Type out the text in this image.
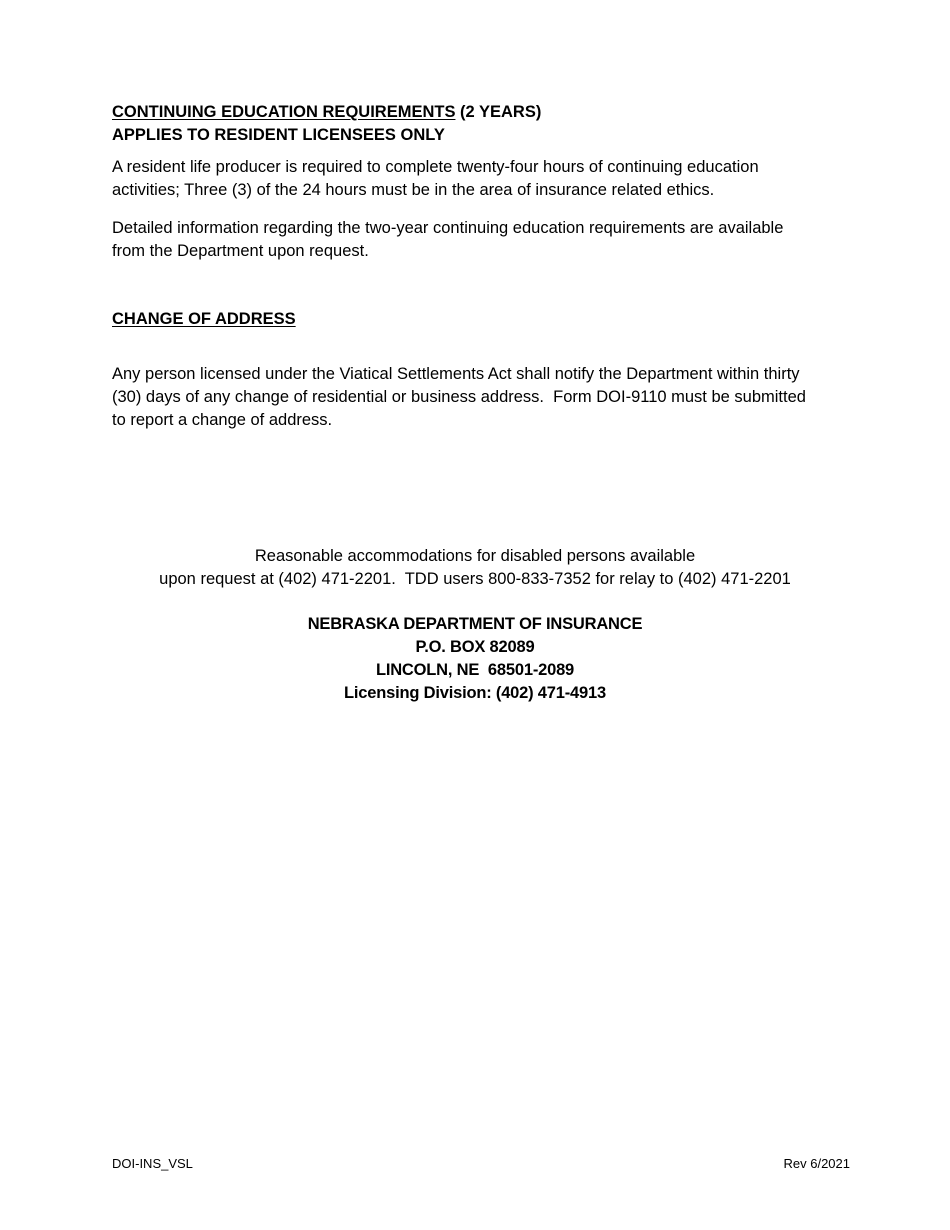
CONTINUING EDUCATION REQUIREMENTS (2 YEARS)
APPLIES TO RESIDENT LICENSEES ONLY

A resident life producer is required to complete twenty-four hours of continuing education
activities; Three (3) of the 24 hours must be in the area of insurance related ethics.

Detailed information regarding the two-year continuing education requirements are available
from the Department upon request.

CHANGE OF ADDRESS

Any person licensed under the Viatical Settlements Act shall notify the Department within thirty
(30) days of any change of residential or business address.  Form DOI-9110 must be submitted
to report a change of address.

Reasonable accommodations for disabled persons available
upon request at (402) 471-2201.  TDD users 800-833-7352 for relay to (402) 471-2201
NEBRASKA DEPARTMENT OF INSURANCE
P.O. BOX 82089
LINCOLN, NE  68501-2089
Licensing Division: (402) 471-4913
DOI-INS_VSL	Rev 6/2021
